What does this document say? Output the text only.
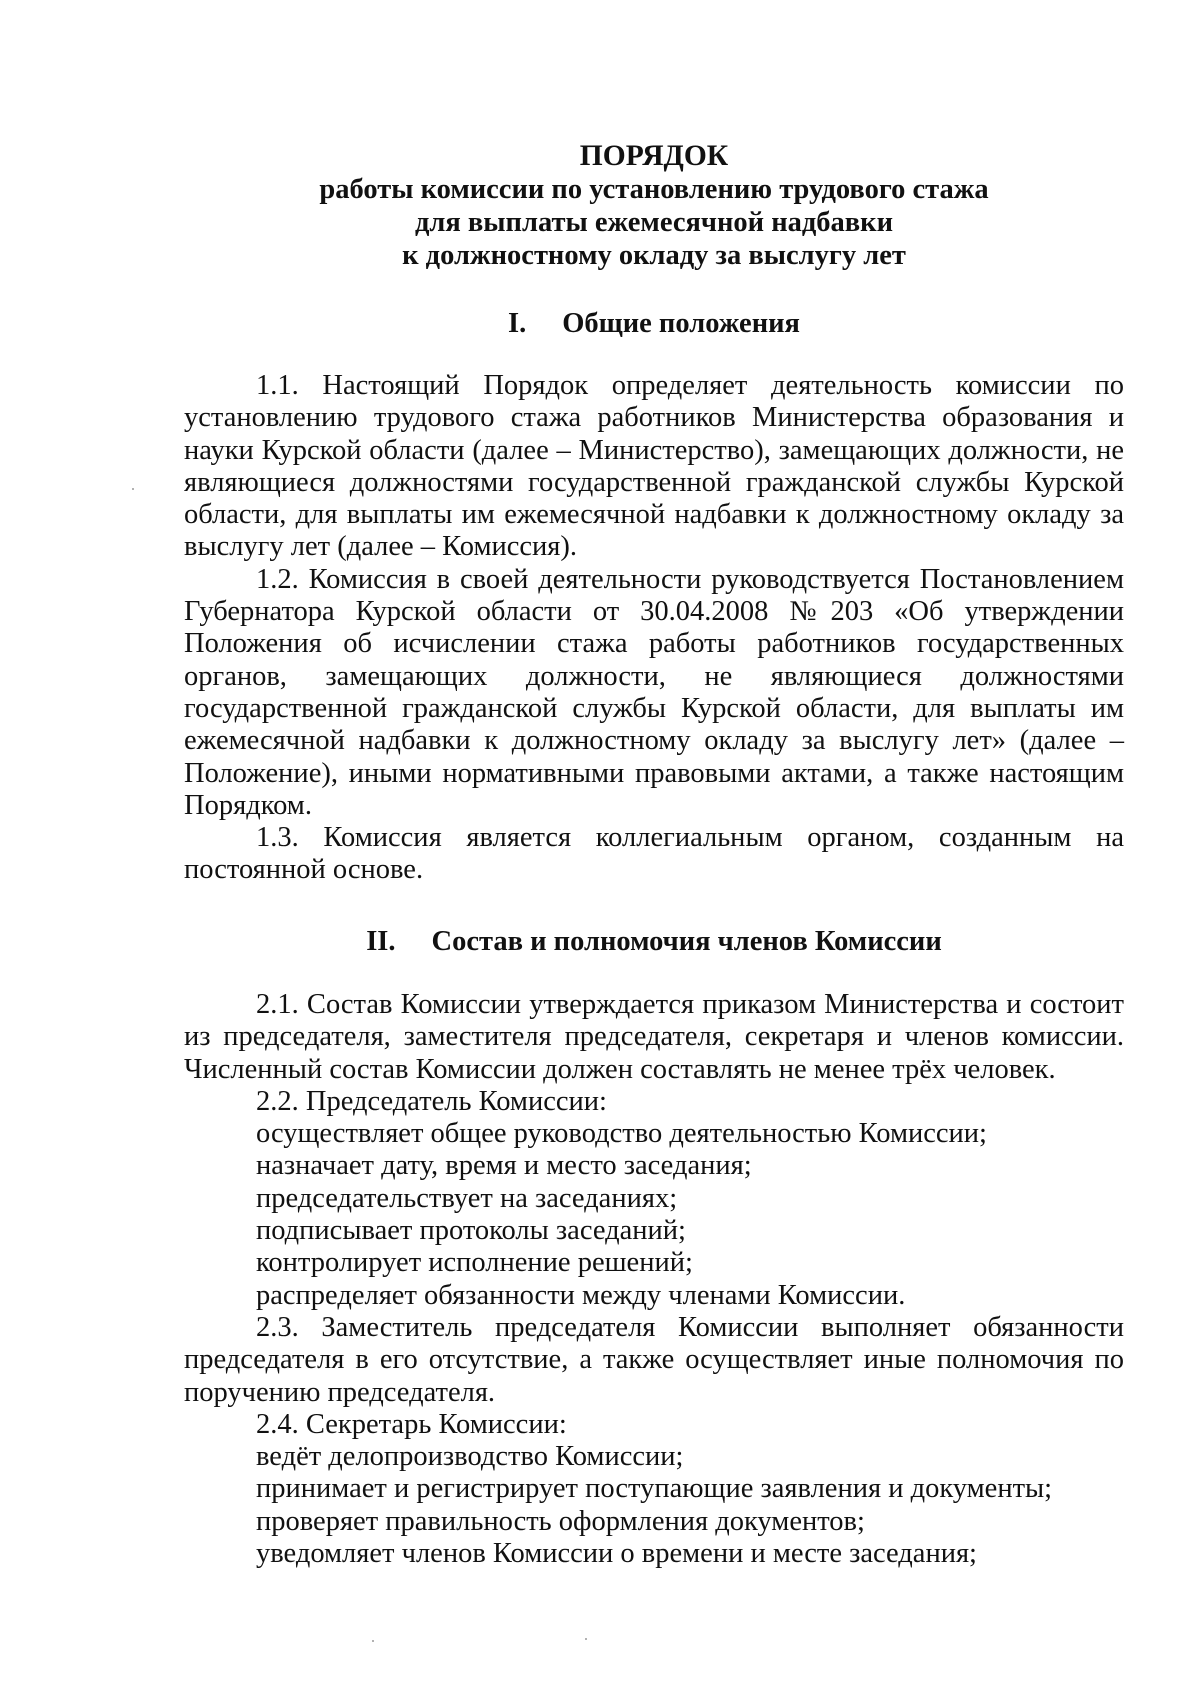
ПОРЯДОК
работы комиссии по установлению трудового стажа
для выплаты ежемесячной надбавки
к должностному окладу за выслугу лет
I. Общие положения

1.1. Настоящий Порядок определяет деятельность комиссии по установлению трудового стажа работников Министерства образования и науки Курской области (далее – Министерство), замещающих должности, не являющиеся должностями государственной гражданской службы Курской области, для выплаты им ежемесячной надбавки к должностному окладу за выслугу лет (далее – Комиссия).

1.2. Комиссия в своей деятельности руководствуется Постановлением Губернатора Курской области от 30.04.2008 №203 «Об утверждении Положения об исчислении стажа работы работников государственных органов, замещающих должности, не являющиеся должностями государственной гражданской службы Курской области, для выплаты им ежемесячной надбавки к должностному окладу за выслугу лет» (далее – Положение), иными нормативными правовыми актами, а также настоящим Порядком.

1.3. Комиссия является коллегиальным органом, созданным на постоянной основе.

II. Состав и полномочия членов Комиссии

2.1. Состав Комиссии утверждается приказом Министерства и состоит из председателя, заместителя председателя, секретаря и членов комиссии. Численный состав Комиссии должен составлять не менее трёх человек.

2.2. Председатель Комиссии:

осуществляет общее руководство деятельностью Комиссии;

назначает дату, время и место заседания;

председательствует на заседаниях;

подписывает протоколы заседаний;

контролирует исполнение решений;

распределяет обязанности между членами Комиссии.

2.3. Заместитель председателя Комиссии выполняет обязанности председателя в его отсутствие, а также осуществляет иные полномочия по поручению председателя.

2.4. Секретарь Комиссии:

ведёт делопроизводство Комиссии;

принимает и регистрирует поступающие заявления и документы;

проверяет правильность оформления документов;

уведомляет членов Комиссии о времени и месте заседания;
